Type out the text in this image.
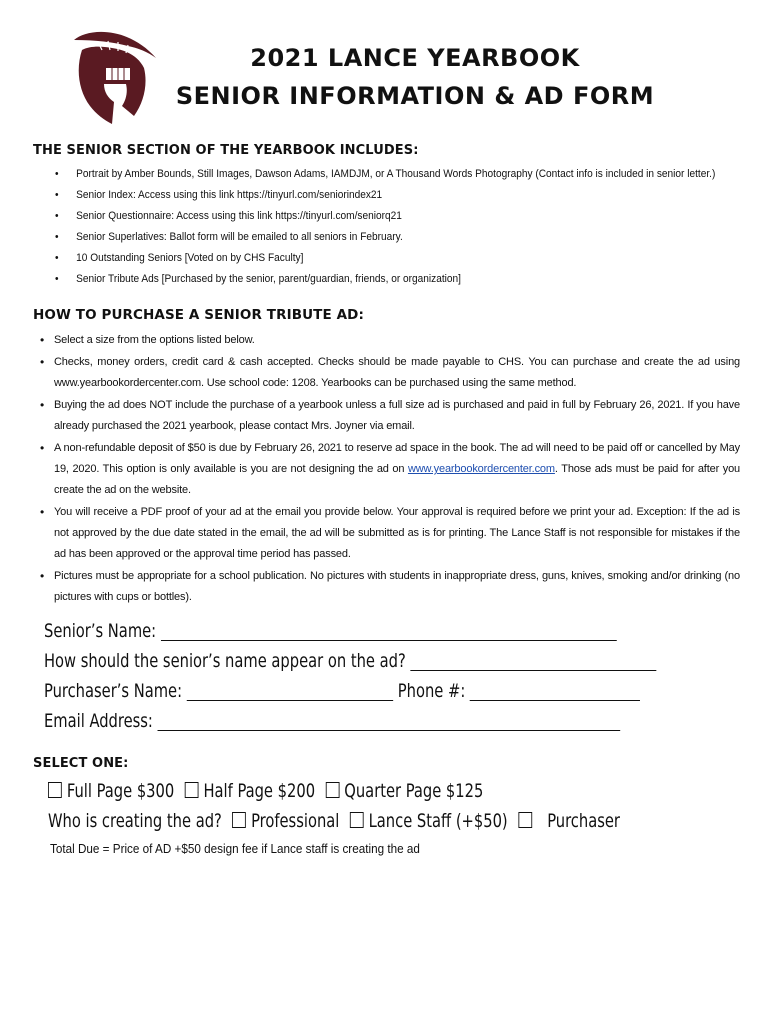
2021 LANCE YEARBOOK
SENIOR INFORMATION & AD FORM
THE SENIOR SECTION OF THE YEARBOOK INCLUDES:
• Portrait by Amber Bounds, Still Images, Dawson Adams, IAMDJM, or A Thousand Words Photography (Contact info is included in senior letter.)
• Senior Index: Access using this link https://tinyurl.com/seniorindex21
• Senior Questionnaire: Access using this link https://tinyurl.com/seniorq21
• Senior Superlatives: Ballot form will be emailed to all seniors in February.
• 10 Outstanding Seniors [Voted on by CHS Faculty]
• Senior Tribute Ads [Purchased by the senior, parent/guardian, friends, or organization]
HOW TO PURCHASE A SENIOR TRIBUTE AD:
• Select a size from the options listed below.
• Checks, money orders, credit card & cash accepted. Checks should be made payable to CHS. You can purchase and create the ad using www.yearbookordercenter.com. Use school code: 1208. Yearbooks can be purchased using the same method.
• Buying the ad does NOT include the purchase of a yearbook unless a full size ad is purchased and paid in full by February 26, 2021. If you have already purchased the 2021 yearbook, please contact Mrs. Joyner via email.
• A non-refundable deposit of $50 is due by February 26, 2021 to reserve ad space in the book. The ad will need to be paid off or cancelled by May 19, 2020. This option is only available is you are not designing the ad on www.yearbookordercenter.com. Those ads must be paid for after you create the ad on the website.
• You will receive a PDF proof of your ad at the email you provide below. Your approval is required before we print your ad. Exception: If the ad is not approved by the due date stated in the email, the ad will be submitted as is for printing. The Lance Staff is not responsible for mistakes if the ad has been approved or the approval time period has passed.
• Pictures must be appropriate for a school publication. No pictures with students in inappropriate dress, guns, knives, smoking and/or drinking (no pictures with cups or bottles).
Senior’s Name:
How should the senior’s name appear on the ad?
Purchaser’s Name:	Phone #:
Email Address:
SELECT ONE:
Full Page $300 Half Page $200 Quarter Page $125
Who is creating the ad? Professional Lance Staff (+$50) Purchaser
Total Due = Price of AD +$50 design fee if Lance staff is creating the ad
